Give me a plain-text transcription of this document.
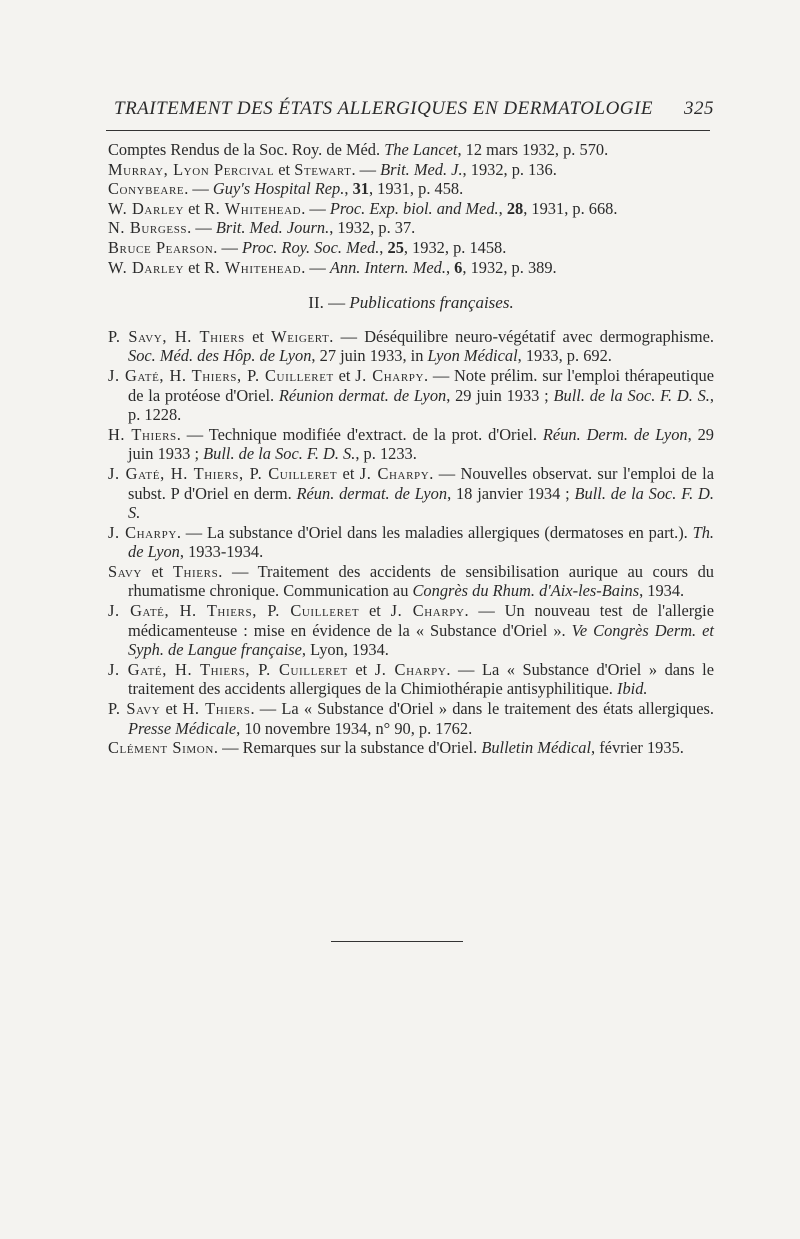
TRAITEMENT DES ÉTATS ALLERGIQUES EN DERMATOLOGIE 325

Comptes Rendus de la Soc. Roy. de Méd. The Lancet, 12 mars 1932, p. 570.

Murray, Lyon Percival et Stewart. — Brit. Med. J., 1932, p. 136.

Conybeare. — Guy's Hospital Rep., 31, 1931, p. 458.

W. Darley et R. Whitehead. — Proc. Exp. biol. and Med., 28, 1931, p. 668.

N. Burgess. — Brit. Med. Journ., 1932, p. 37.

Bruce Pearson. — Proc. Roy. Soc. Med., 25, 1932, p. 1458.

W. Darley et R. Whitehead. — Ann. Intern. Med., 6, 1932, p. 389.

II. — Publications françaises.

P. Savy, H. Thiers et Weigert. — Déséquilibre neuro-végétatif avec dermographisme. Soc. Méd. des Hôp. de Lyon, 27 juin 1933, in Lyon Médical, 1933, p. 692.

J. Gaté, H. Thiers, P. Cuilleret et J. Charpy. — Note prélim. sur l'emploi thérapeutique de la protéose d'Oriel. Réunion dermat. de Lyon, 29 juin 1933 ; Bull. de la Soc. F. D. S., p. 1228.

H. Thiers. — Technique modifiée d'extract. de la prot. d'Oriel. Réun. Derm. de Lyon, 29 juin 1933 ; Bull. de la Soc. F. D. S., p. 1233.

J. Gaté, H. Thiers, P. Cuilleret et J. Charpy. — Nouvelles observat. sur l'emploi de la subst. P d'Oriel en derm. Réun. dermat. de Lyon, 18 janvier 1934 ; Bull. de la Soc. F. D. S.

J. Charpy. — La substance d'Oriel dans les maladies allergiques (dermatoses en part.). Th. de Lyon, 1933-1934.

Savy et Thiers. — Traitement des accidents de sensibilisation aurique au cours du rhumatisme chronique. Communication au Congrès du Rhum. d'Aix-les-Bains, 1934.

J. Gaté, H. Thiers, P. Cuilleret et J. Charpy. — Un nouveau test de l'allergie médicamenteuse : mise en évidence de la « Substance d'Oriel ». Ve Congrès Derm. et Syph. de Langue française, Lyon, 1934.

J. Gaté, H. Thiers, P. Cuilleret et J. Charpy. — La « Substance d'Oriel » dans le traitement des accidents allergiques de la Chimiothérapie antisyphilitique. Ibid.

P. Savy et H. Thiers. — La « Substance d'Oriel » dans le traitement des états allergiques. Presse Médicale, 10 novembre 1934, n° 90, p. 1762.

Clément Simon. — Remarques sur la substance d'Oriel. Bulletin Médical, février 1935.
